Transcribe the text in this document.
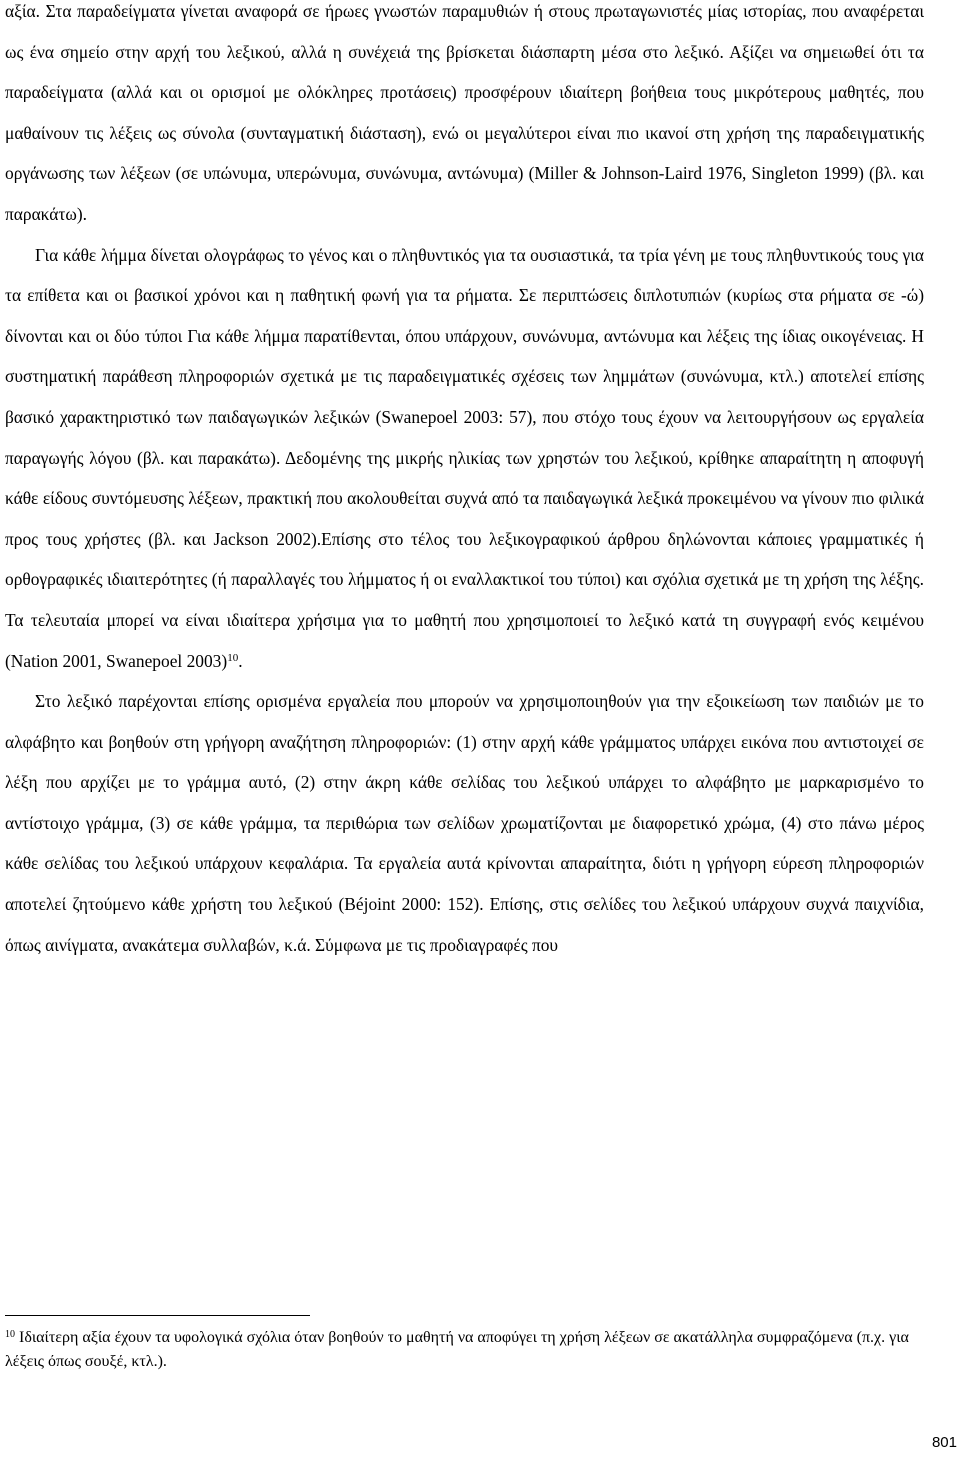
αξία. Στα παραδείγματα γίνεται αναφορά σε ήρωες γνωστών παραμυθιών ή στους πρωταγωνιστές μίας ιστορίας, που αναφέρεται ως ένα σημείο στην αρχή του λεξικού, αλλά η συνέχειά της βρίσκεται διάσπαρτη μέσα στο λεξικό. Αξίζει να σημειωθεί ότι τα παραδείγματα (αλλά και οι ορισμοί με ολόκληρες προτάσεις) προσφέρουν ιδιαίτερη βοήθεια τους μικρότερους μαθητές, που μαθαίνουν τις λέξεις ως σύνολα (συνταγματική διάσταση), ενώ οι μεγαλύτεροι είναι πιο ικανοί στη χρήση της παραδειγματικής οργάνωσης των λέξεων (σε υπώνυμα, υπερώνυμα, συνώνυμα, αντώνυμα) (Miller & Johnson-Laird 1976, Singleton 1999) (βλ. και παρακάτω).

Για κάθε λήμμα δίνεται ολογράφως το γένος και ο πληθυντικός για τα ουσιαστικά, τα τρία γένη με τους πληθυντικούς τους για τα επίθετα και οι βασικοί χρόνοι και η παθητική φωνή για τα ρήματα. Σε περιπτώσεις διπλοτυπιών (κυρίως στα ρήματα σε -ώ) δίνονται και οι δύο τύποι Για κάθε λήμμα παρατίθενται, όπου υπάρχουν, συνώνυμα, αντώνυμα και λέξεις της ίδιας οικογένειας. Η συστηματική παράθεση πληροφοριών σχετικά με τις παραδειγματικές σχέσεις των λημμάτων (συνώνυμα, κτλ.) αποτελεί επίσης βασικό χαρακτηριστικό των παιδαγωγικών λεξικών (Swanepoel 2003: 57), που στόχο τους έχουν να λειτουργήσουν ως εργαλεία παραγωγής λόγου (βλ. και παρακάτω). Δεδομένης της μικρής ηλικίας των χρηστών του λεξικού, κρίθηκε απαραίτητη η αποφυγή κάθε είδους συντόμευσης λέξεων, πρακτική που ακολουθείται συχνά από τα παιδαγωγικά λεξικά προκειμένου να γίνουν πιο φιλικά προς τους χρήστες (βλ. και Jackson 2002).Επίσης στο τέλος του λεξικογραφικού άρθρου δηλώνονται κάποιες γραμματικές ή ορθογραφικές ιδιαιτερότητες (ή παραλλαγές του λήμματος ή οι εναλλακτικοί του τύποι) και σχόλια σχετικά με τη χρήση της λέξης. Τα τελευταία μπορεί να είναι ιδιαίτερα χρήσιμα για το μαθητή που χρησιμοποιεί το λεξικό κατά τη συγγραφή ενός κειμένου (Nation 2001, Swanepoel 2003)$^{10}$.

Στο λεξικό παρέχονται επίσης ορισμένα εργαλεία που μπορούν να χρησιμοποιηθούν για την εξοικείωση των παιδιών με το αλφάβητο και βοηθούν στη γρήγορη αναζήτηση πληροφοριών: (1) στην αρχή κάθε γράμματος υπάρχει εικόνα που αντιστοιχεί σε λέξη που αρχίζει με το γράμμα αυτό, (2) στην άκρη κάθε σελίδας του λεξικού υπάρχει το αλφάβητο με μαρκαρισμένο το αντίστοιχο γράμμα, (3) σε κάθε γράμμα, τα περιθώρια των σελίδων χρωματίζονται με διαφορετικό χρώμα, (4) στο πάνω μέρος κάθε σελίδας του λεξικού υπάρχουν κεφαλάρια. Τα εργαλεία αυτά κρίνονται απαραίτητα, διότι η γρήγορη εύρεση πληροφοριών αποτελεί ζητούμενο κάθε χρήστη του λεξικού (Béjoint 2000: 152). Επίσης, στις σελίδες του λεξικού υπάρχουν συχνά παιχνίδια, όπως αινίγματα, ανακάτεμα συλλαβών, κ.ά. Σύμφωνα με τις προδιαγραφές που

$^{10}$ Ιδιαίτερη αξία έχουν τα υφολογικά σχόλια όταν βοηθούν το μαθητή να αποφύγει τη χρήση λέξεων σε ακατάλληλα συμφραζόμενα (π.χ. για λέξεις όπως σουξέ, κτλ.).

801
